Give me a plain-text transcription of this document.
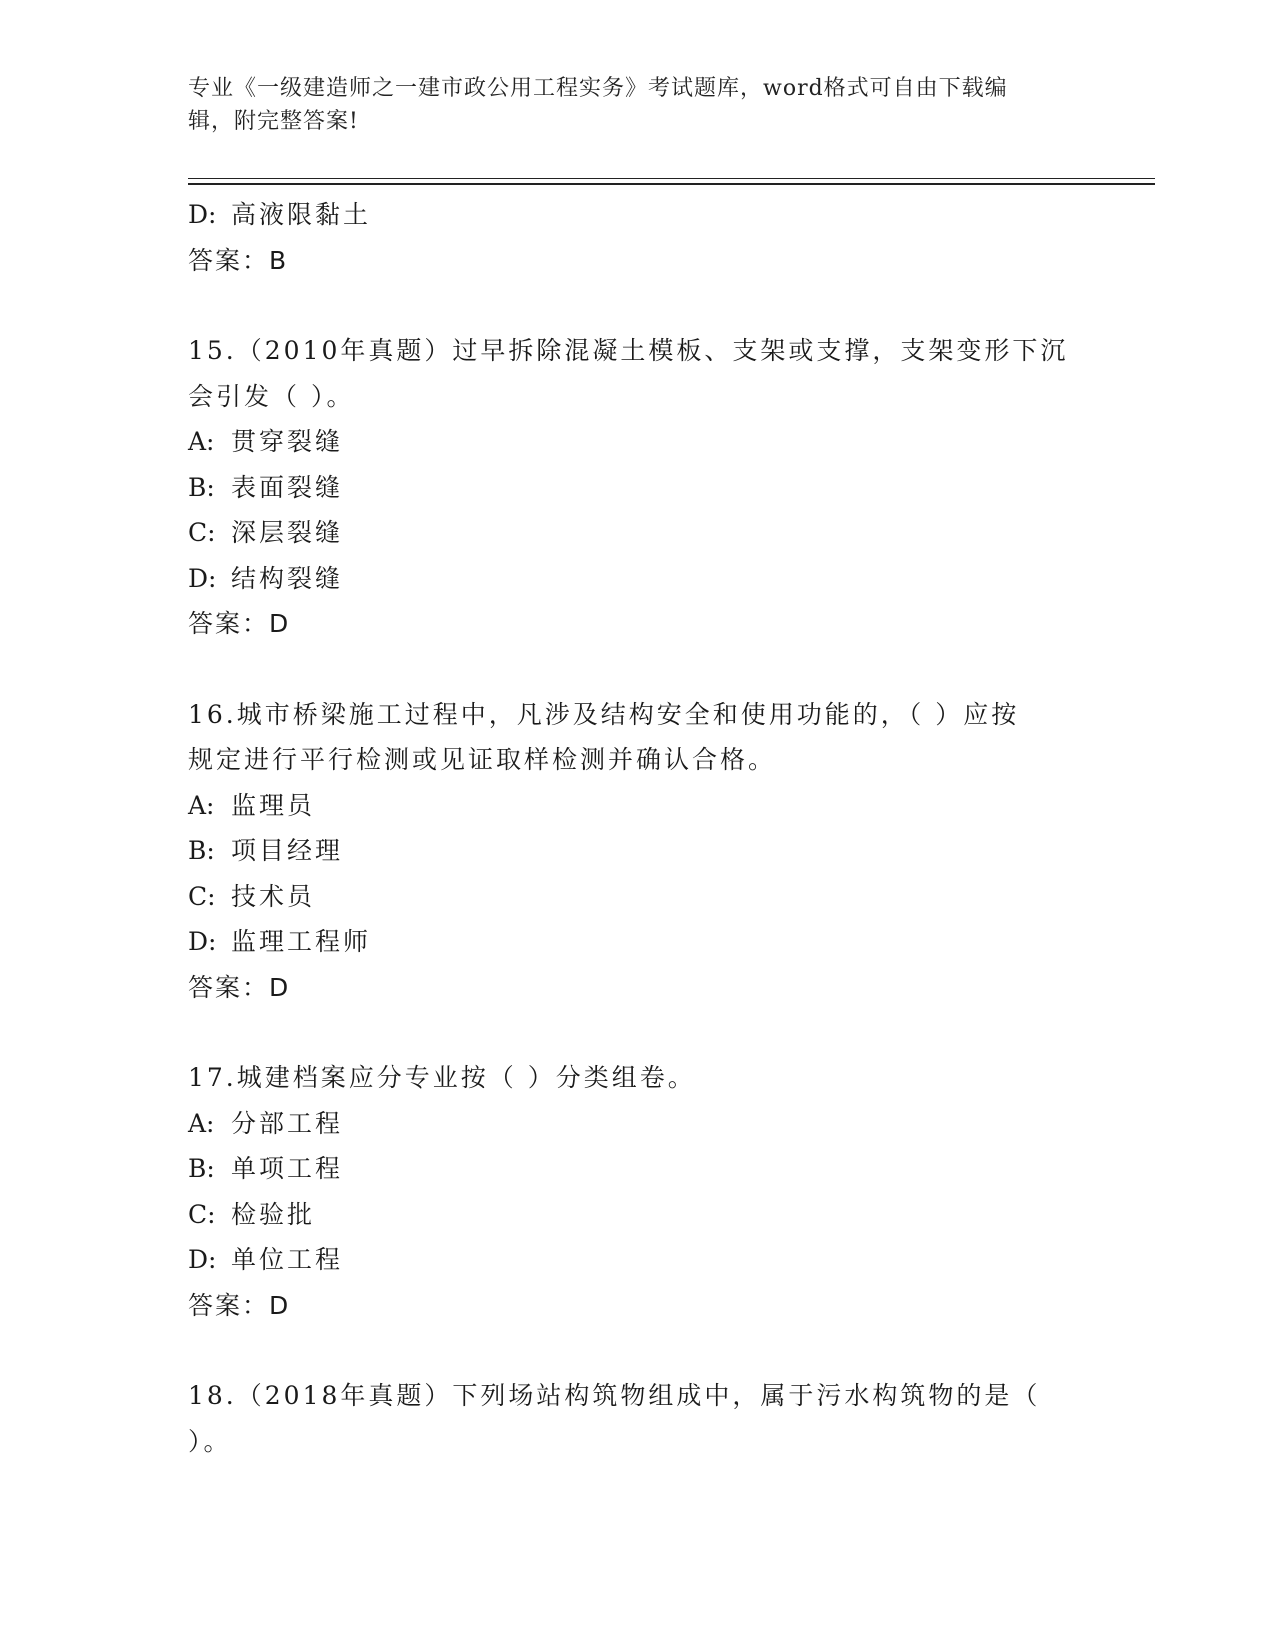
专业《一级建造师之一建市政公用工程实务》考试题库，word格式可自由下载编
辑，附完整答案!
D: 高液限黏土
答案：B
15.（2010年真题）过早拆除混凝土模板、支架或支撑，支架变形下沉
会引发（ ）。
A: 贯穿裂缝
B: 表面裂缝
C: 深层裂缝
D: 结构裂缝
答案：D
16.城市桥梁施工过程中，凡涉及结构安全和使用功能的，（ ）应按
规定进行平行检测或见证取样检测并确认合格。
A: 监理员
B: 项目经理
C: 技术员
D: 监理工程师
答案：D
17.城建档案应分专业按（ ）分类组卷。
A: 分部工程
B: 单项工程
C: 检验批
D: 单位工程
答案：D
18.（2018年真题）下列场站构筑物组成中，属于污水构筑物的是（
）。
